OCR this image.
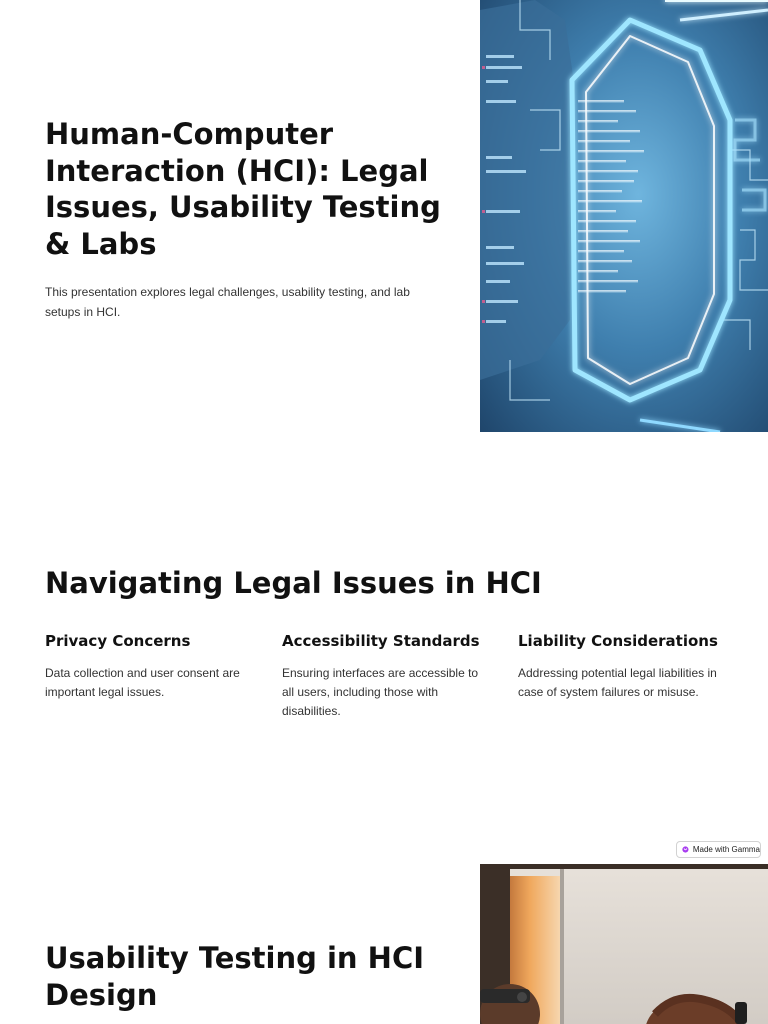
Human-Computer Interaction (HCI): Legal Issues, Usability Testing & Labs

This presentation explores legal challenges, usability testing, and lab setups in HCI.

Navigating Legal Issues in HCI
Privacy Concerns

Data collection and user consent are important legal issues.

Accessibility Standards

Ensuring interfaces are accessible to all users, including those with disabilities.

Liability Considerations

Addressing potential legal liabilities in case of system failures or misuse.

Made with Gamma
Usability Testing in HCI Design
